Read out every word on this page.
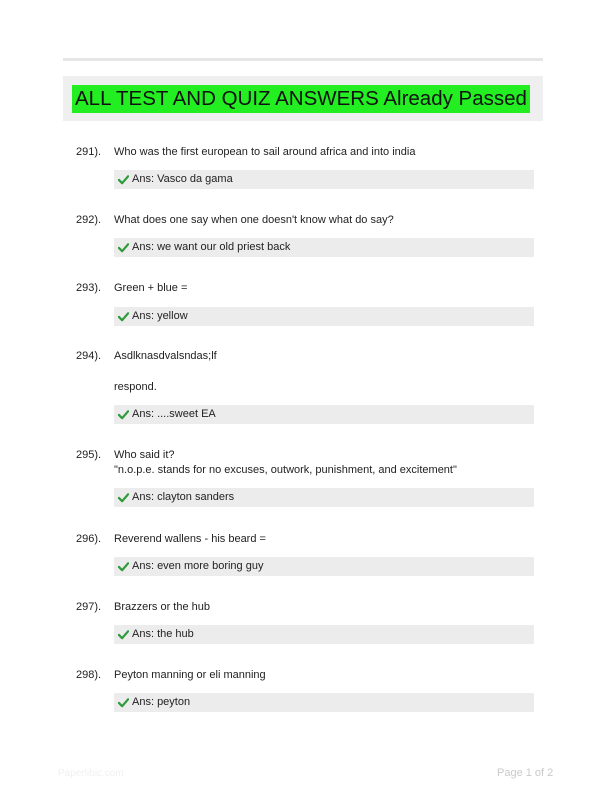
ALL TEST AND QUIZ ANSWERS Already Passed
291). Who was the first european to sail around africa and into india

Ans: Vasco da gama
292). What does one say when one doesn't know what do say?

Ans: we want our old priest back
293). Green + blue =

Ans: yellow
294). Asdlknasdvalsndas;lf

respond.

Ans: ....sweet EA
295). Who said it?

"n.o.p.e. stands for no excuses, outwork, punishment, and excitement"

Ans: clayton sanders
296). Reverend wallens - his beard =

Ans: even more boring guy
297). Brazzers or the hub

Ans: the hub
298). Peyton manning or eli manning

Ans: peyton
Paperlibic.com	Page 1 of 2
